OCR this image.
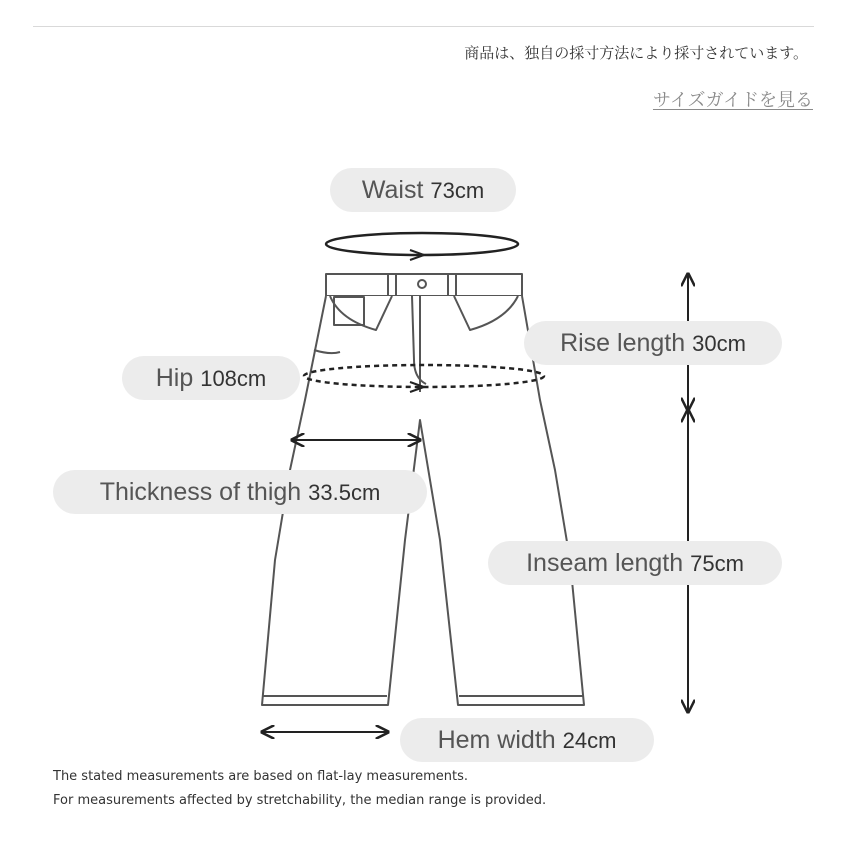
商品は、独自の採寸方法により採寸されています。
サイズガイドを見る
Waist 73cm
Hip 108cm
Rise length 30cm
Thickness of thigh 33.5cm
Inseam length 75cm
Hem width 24cm
The stated measurements are based on flat-lay measurements.
For measurements affected by stretchability, the median range is provided.
